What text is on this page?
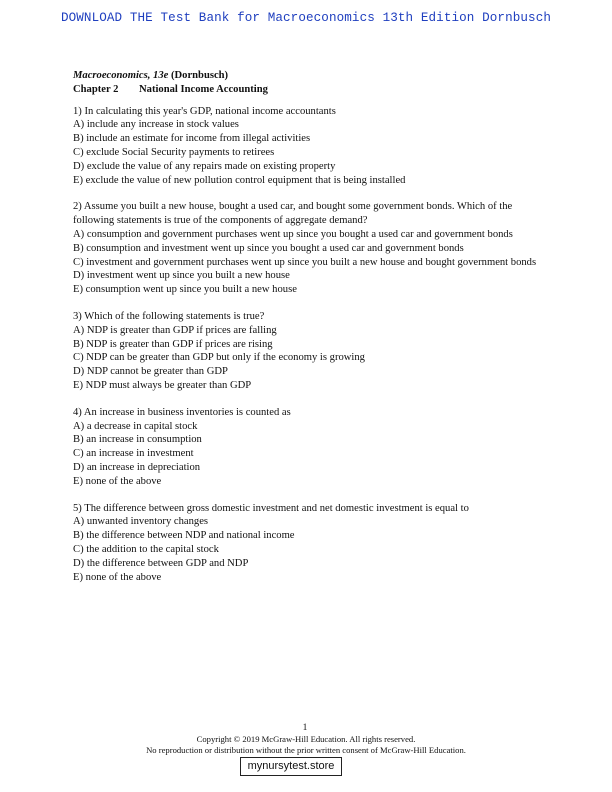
DOWNLOAD THE Test Bank for Macroeconomics 13th Edition Dornbusch
Macroeconomics, 13e (Dornbusch)
Chapter 2 National Income Accounting
1) In calculating this year's GDP, national income accountants
A) include any increase in stock values
B) include an estimate for income from illegal activities
C) exclude Social Security payments to retirees
D) exclude the value of any repairs made on existing property
E) exclude the value of new pollution control equipment that is being installed
2) Assume you built a new house, bought a used car, and bought some government bonds. Which of the following statements is true of the components of aggregate demand?
A) consumption and government purchases went up since you bought a used car and government bonds
B) consumption and investment went up since you bought a used car and government bonds
C) investment and government purchases went up since you built a new house and bought government bonds
D) investment went up since you built a new house
E) consumption went up since you built a new house
3) Which of the following statements is true?
A) NDP is greater than GDP if prices are falling
B) NDP is greater than GDP if prices are rising
C) NDP can be greater than GDP but only if the economy is growing
D) NDP cannot be greater than GDP
E) NDP must always be greater than GDP
4) An increase in business inventories is counted as
A) a decrease in capital stock
B) an increase in consumption
C) an increase in investment
D) an increase in depreciation
E) none of the above
5) The difference between gross domestic investment and net domestic investment is equal to
A) unwanted inventory changes
B) the difference between NDP and national income
C) the addition to the capital stock
D) the difference between GDP and NDP
E) none of the above
1
Copyright © 2019 McGraw-Hill Education. All rights reserved.
No reproduction or distribution without the prior written consent of McGraw-Hill Education.
mynursytest.store
